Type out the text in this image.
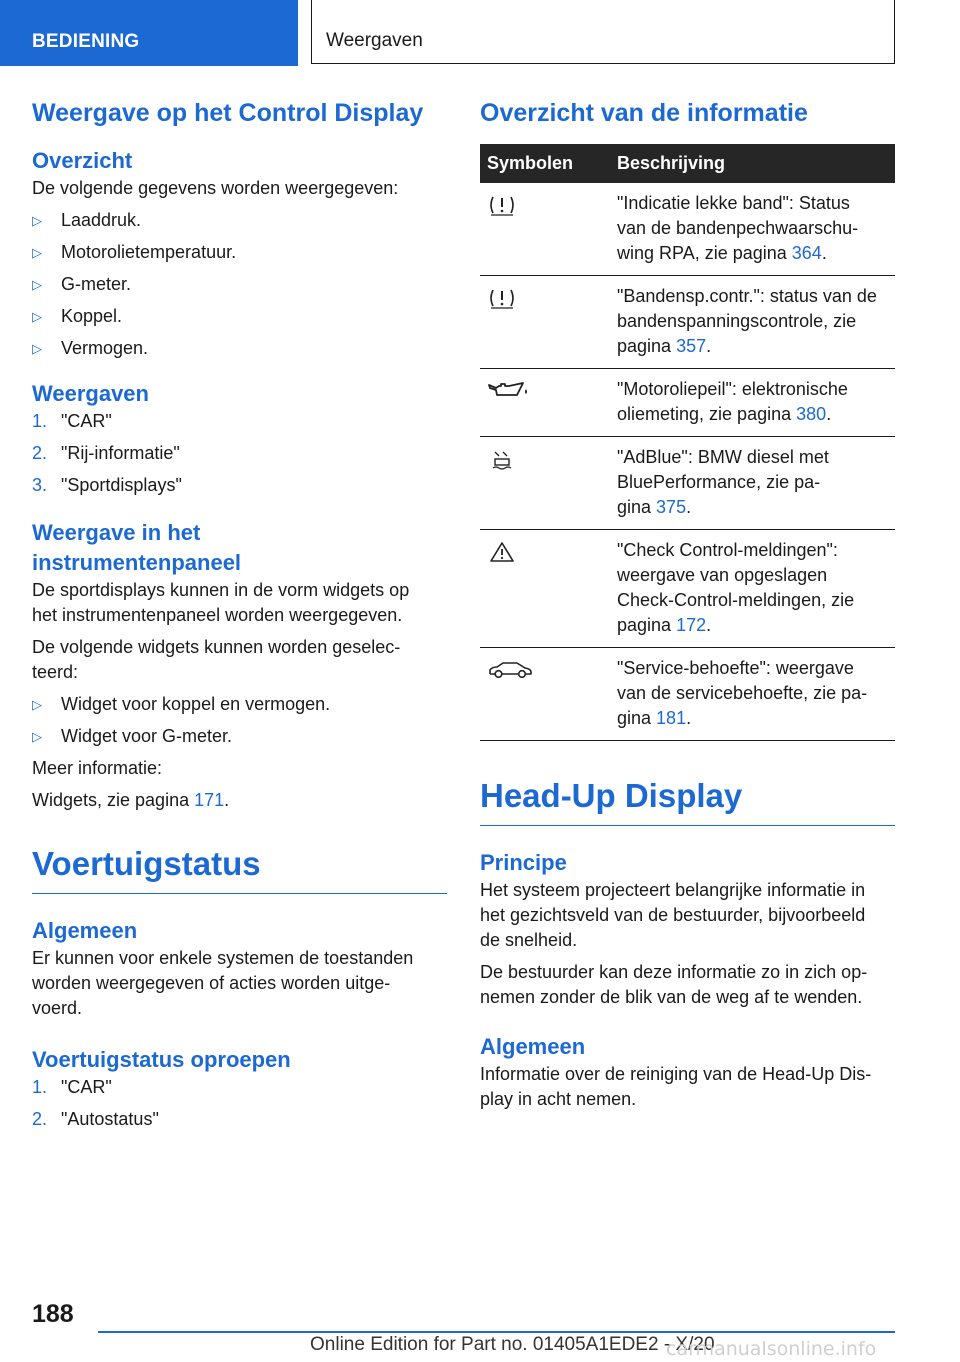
BEDIENING	Weergaven
Weergave op het Control Display
Overzicht

De volgende gegevens worden weergegeven:

▷ Laaddruk.
▷ Motorolietemperatuur.
▷ G-meter.
▷ Koppel.
▷ Vermogen.
Weergaven
1. "CAR"
2. "Rij-informatie"
3. "Sportdisplays"
Weergave in het
instrumentenpaneel

De sportdisplays kunnen in de vorm widgets op
het instrumentenpaneel worden weergegeven.

De volgende widgets kunnen worden geselec-
teerd:

▷ Widget voor koppel en vermogen.
▷ Widget voor G-meter.

Meer informatie:

Widgets, zie pagina 171.

Voertuigstatus
Algemeen

Er kunnen voor enkele systemen de toestanden
worden weergegeven of acties worden uitge-
voerd.

Voertuigstatus oproepen
1. "CAR"
2. "Autostatus"
Overzicht van de informatie
Symbolen	Beschrijving
	"Indicatie lekke band": Status
van de bandenpechwaarschu-
wing RPA, zie pagina 364.
	"Bandensp.contr.": status van de
bandenspanningscontrole, zie
pagina 357.
	"Motoroliepeil": elektronische
oliemeting, zie pagina 380.
	"AdBlue": BMW diesel met
BluePerformance, zie pa-
gina 375.
	"Check Control-meldingen":
weergave van opgeslagen
Check-Control-meldingen, zie
pagina 172.
	"Service-behoefte": weergave
van de servicebehoefte, zie pa-
gina 181.
Head-Up Display
Principe

Het systeem projecteert belangrijke informatie in
het gezichtsveld van de bestuurder, bijvoorbeeld
de snelheid.

De bestuurder kan deze informatie zo in zich op-
nemen zonder de blik van de weg af te wenden.

Algemeen

Informatie over de reiniging van de Head-Up Dis-
play in acht nemen.

188
Online Edition for Part no. 01405A1EDE2 - X/20
carmanualsonline.info
